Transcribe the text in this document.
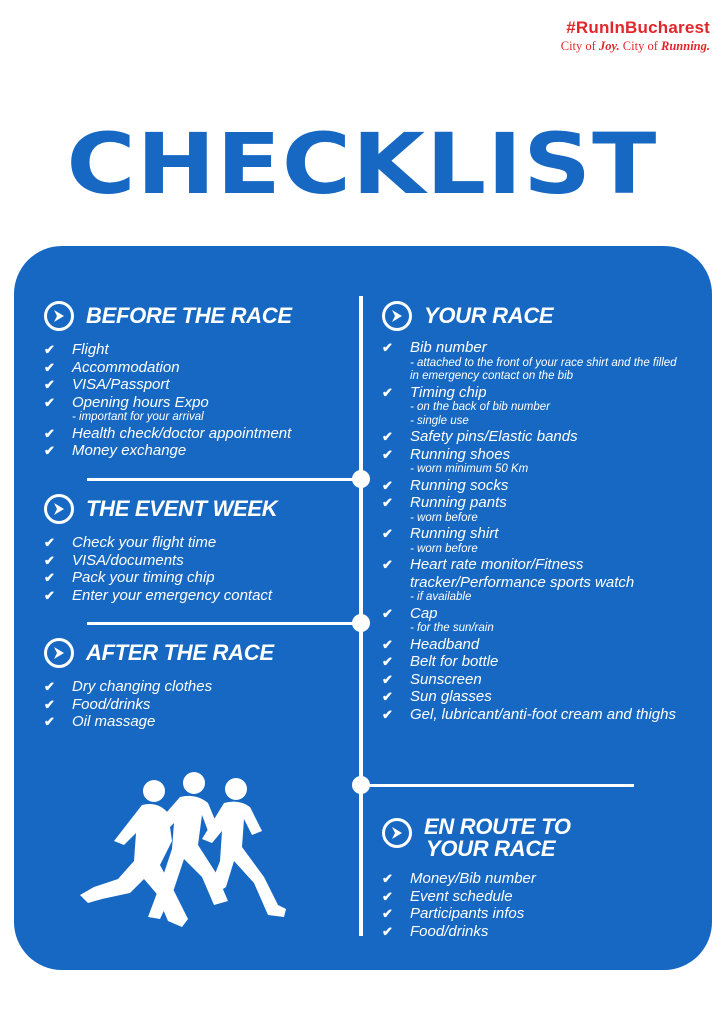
#RunInBucharest
City of Joy. City of Running.
CHECKLIST
BEFORE THE RACE
✔	Flight
✔	Accommodation
✔	VISA/Passport
✔	Opening hours Expo
- important for your arrival
✔	Health check/doctor appointment
✔	Money exchange
THE EVENT WEEK
✔	Check your flight time
✔	VISA/documents
✔	Pack your timing chip
✔	Enter your emergency contact
AFTER THE RACE
✔	Dry changing clothes
✔	Food/drinks
✔	Oil massage
YOUR RACE
✔	Bib number
- attached to the front of your race shirt and the filled in emergency contact on the bib
✔	Timing chip
- on the back of bib number
- single use
✔	Safety pins/Elastic bands
✔	Running shoes
- worn minimum 50 Km
✔	Running socks
✔	Running pants
- worn before
✔	Running shirt
- worn before
✔	Heart rate monitor/Fitness tracker/Performance sports watch
- if available
✔	Cap
- for the sun/rain
✔	Headband
✔	Belt for bottle
✔	Sunscreen
✔	Sun glasses
✔	Gel, lubricant/anti-foot cream and thighs
EN ROUTE TO
YOUR RACE
✔	Money/Bib number
✔	Event schedule
✔	Participants infos
✔	Food/drinks
